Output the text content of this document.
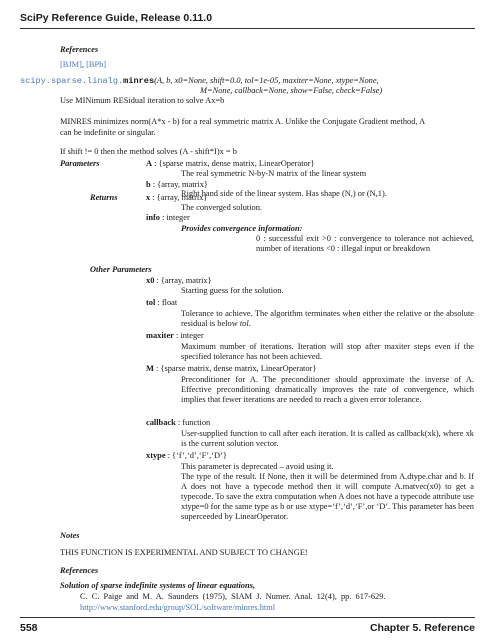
SciPy Reference Guide, Release 0.11.0
References
[BJM], [BPh]
scipy.sparse.linalg.minres(A, b, x0=None, shift=0.0, tol=1e-05, maxiter=None, xtype=None,
M=None, callback=None, show=False, check=False)
Use MINimum RESidual iteration to solve Ax=b
MINRES minimizes norm(A*x - b) for a real symmetric matrix A. Unlike the Conjugate Gradient method, A
can be indefinite or singular.
If shift != 0 then the method solves (A - shift*I)x = b
Parameters	A : {sparse matrix, dense matrix, LinearOperator}
The real symmetric N-by-N matrix of the linear system
b : {array, matrix}
Right hand side of the linear system. Has shape (N,) or (N,1).
Returns	x : {array, matrix}
The converged solution.
info : integer
Provides convergence information:
0 : successful exit >0 : convergence to tolerance not achieved, number of iterations <0 : illegal input or breakdown
Other Parameters
x0 : {array, matrix}
Starting guess for the solution.
tol : float
Tolerance to achieve. The algorithm terminates when either the relative or the absolute residual is below tol.
maxiter : integer
Maximum number of iterations. Iteration will stop after maxiter steps even if the specified tolerance has not been achieved.
M : {sparse matrix, dense matrix, LinearOperator}
Preconditioner for A. The preconditioner should approximate the inverse of A. Effective preconditioning dramatically improves the rate of convergence, which implies that fewer iterations are needed to reach a given error tolerance.
callback : function
User-supplied function to call after each iteration. It is called as callback(xk), where xk is the current solution vector.
xtype : {‘f’,‘d’,‘F’,‘D’}
This parameter is deprecated – avoid using it.
The type of the result. If None, then it will be determined from A.dtype.char and b. If A does not have a typecode method then it will compute A.matvec(x0) to get a typecode. To save the extra computation when A does not have a typecode attribute use xtype=0 for the same type as b or use xtype=‘f’,‘d’,‘F’,or ‘D’. This parameter has been superceeded by LinearOperator.
Notes
THIS FUNCTION IS EXPERIMENTAL AND SUBJECT TO CHANGE!
References
Solution of sparse indefinite systems of linear equations,
C. C. Paige and M. A. Saunders (1975), SIAM J. Numer. Anal. 12(4), pp. 617-629.
http://www.stanford.edu/group/SOL/software/minres.html
558	Chapter 5. Reference
